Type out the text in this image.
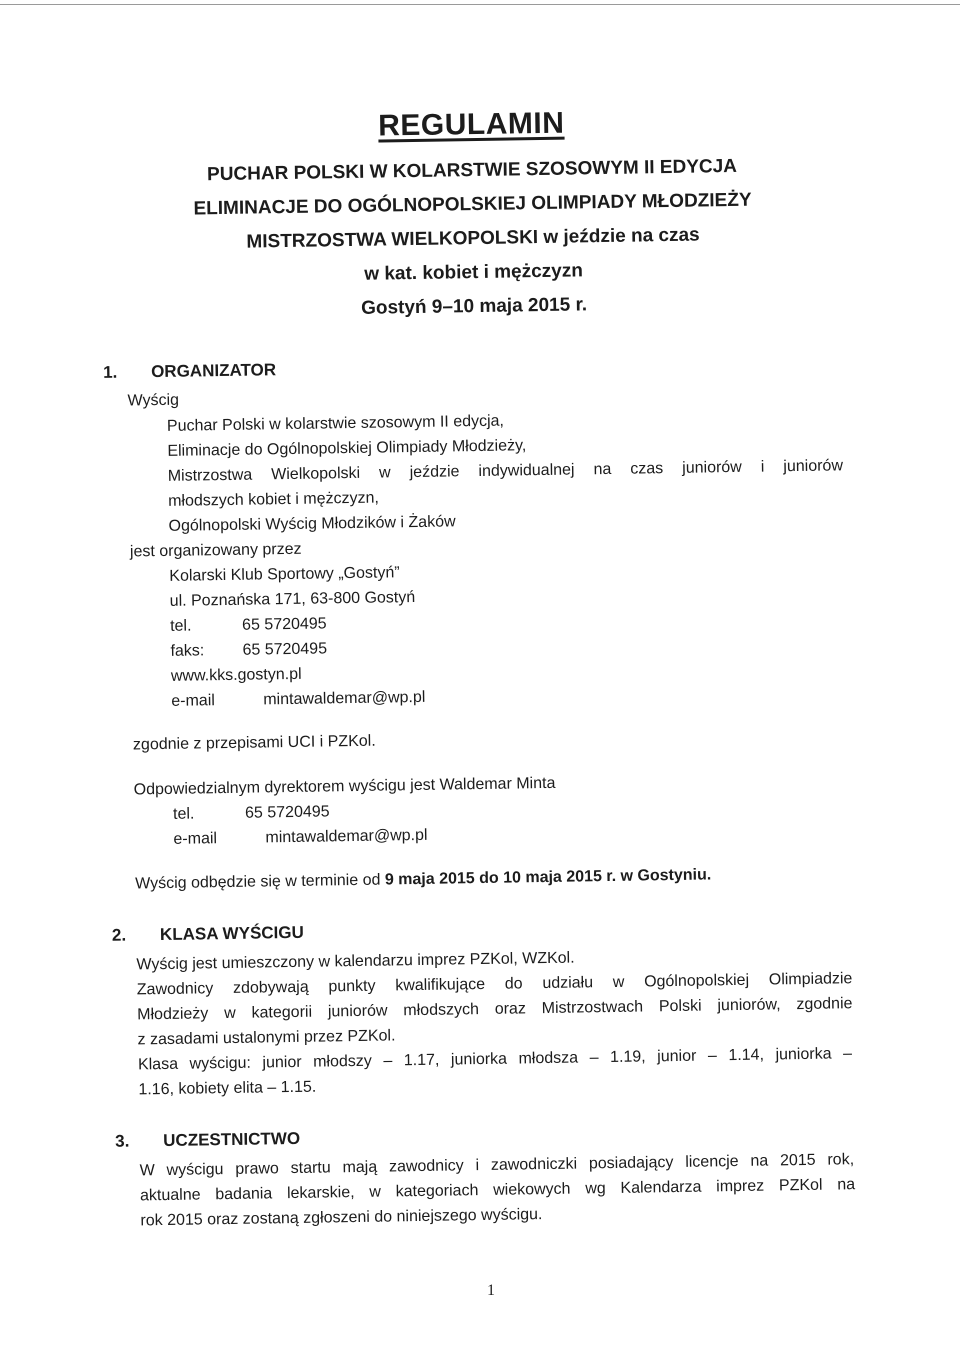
REGULAMIN
PUCHAR POLSKI W KOLARSTWIE SZOSOWYM II EDYCJA
ELIMINACJE DO OGÓLNOPOLSKIEJ OLIMPIADY MŁODZIEŻY
MISTRZOSTWA WIELKOPOLSKI w jeździe na czas
w kat. kobiet i mężczyzn
Gostyń 9–10 maja 2015 r.
1. ORGANIZATOR
Wyścig
Puchar Polski w kolarstwie szosowym II edycja,
Eliminacje do Ogólnopolskiej Olimpiady Młodzieży,
Mistrzostwa Wielkopolski w jeździe indywidualnej na czas juniorów i juniorów
młodszych kobiet i mężczyzn,
Ogólnopolski Wyścig Młodzików i Żaków
jest organizowany przez
Kolarski Klub Sportowy „Gostyń”
ul. Poznańska 171, 63-800 Gostyń
tel.	65 5720495
faks: 65 5720495
www.kks.gostyn.pl
e-mail	mintawaldemar@wp.pl
zgodnie z przepisami UCI i PZKol.
Odpowiedzialnym dyrektorem wyścigu jest Waldemar Minta
tel.	65 5720495
e-mail	mintawaldemar@wp.pl
Wyścig odbędzie się w terminie od 9 maja 2015 do 10 maja 2015 r. w Gostyniu.
2. KLASA WYŚCIGU
Wyścig jest umieszczony w kalendarzu imprez PZKol, WZKol.
Zawodnicy zdobywają punkty kwalifikujące do udziału w Ogólnopolskiej Olimpiadzie
Młodzieży w kategorii juniorów młodszych oraz Mistrzostwach Polski juniorów, zgodnie
z zasadami ustalonymi przez PZKol.
Klasa wyścigu: junior młodszy – 1.17, juniorka młodsza – 1.19, junior – 1.14, juniorka –
1.16, kobiety elita – 1.15.
3. UCZESTNICTWO
W wyścigu prawo startu mają zawodnicy i zawodniczki posiadający licencje na 2015 rok,
aktualne badania lekarskie, w kategoriach wiekowych wg Kalendarza imprez PZKol na
rok 2015 oraz zostaną zgłoszeni do niniejszego wyścigu.
1
